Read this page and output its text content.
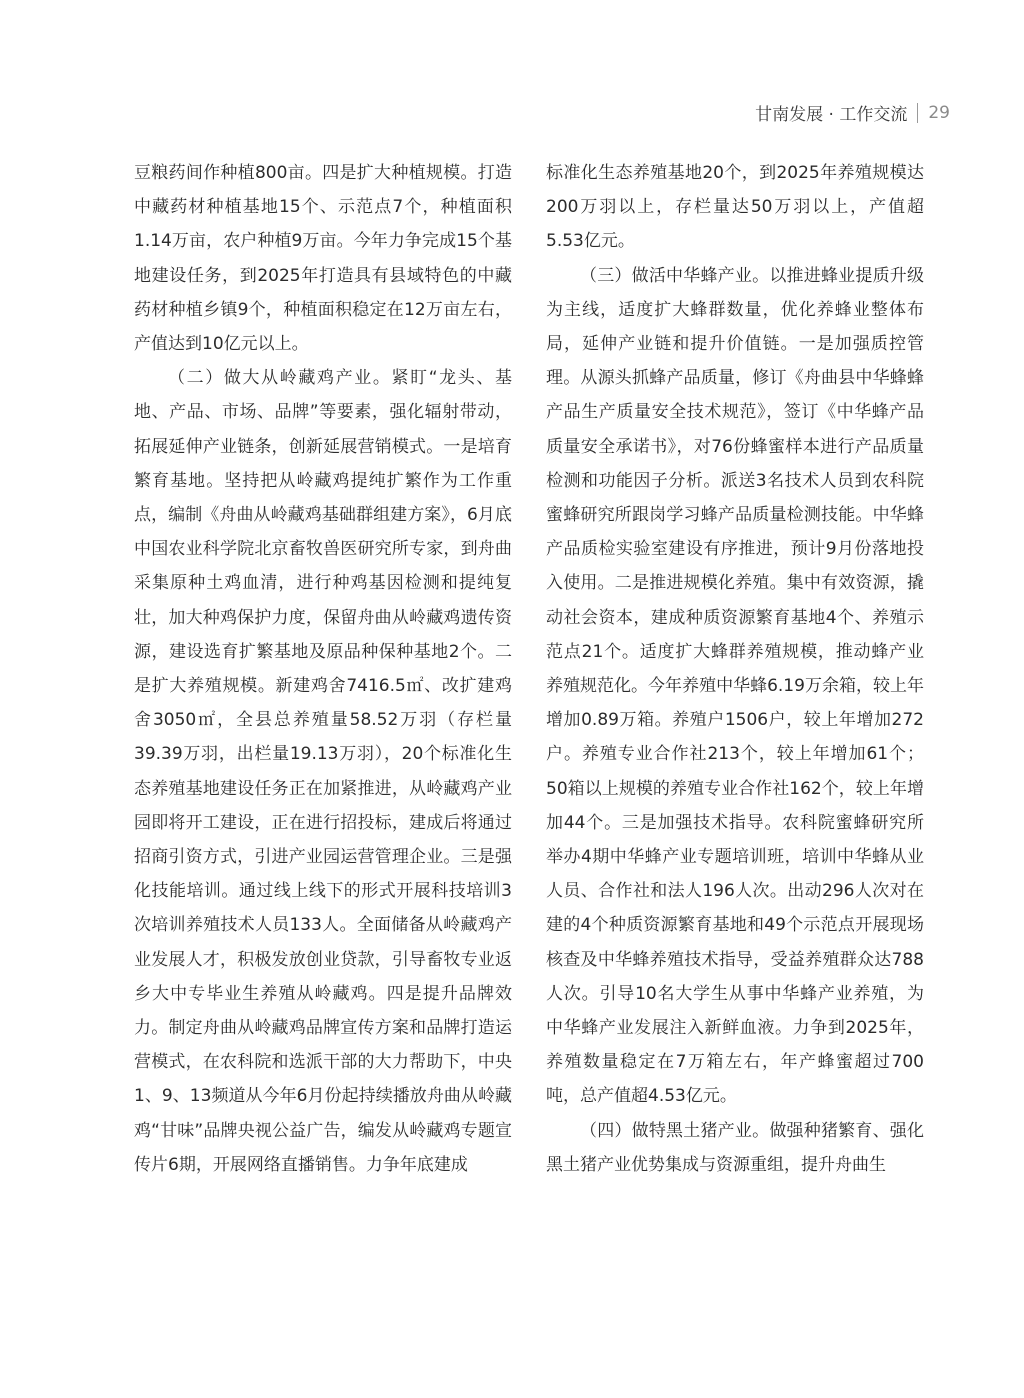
甘南发展 · 工作交流 29

豆粮药间作种植800亩。四是扩大种植规模。打造中藏药材种植基地15个、示范点7个，种植面积1.14万亩，农户种植9万亩。今年力争完成15个基地建设任务，到2025年打造具有县域特色的中藏药材种植乡镇9个，种植面积稳定在12万亩左右，产值达到10亿元以上。

（二）做大从岭藏鸡产业。紧盯“龙头、基地、产品、市场、品牌”等要素，强化辐射带动，拓展延伸产业链条，创新延展营销模式。一是培育繁育基地。坚持把从岭藏鸡提纯扩繁作为工作重点，编制《舟曲从岭藏鸡基础群组建方案》，6月底中国农业科学院北京畜牧兽医研究所专家，到舟曲采集原种土鸡血清，进行种鸡基因检测和提纯复壮，加大种鸡保护力度，保留舟曲从岭藏鸡遗传资源，建设选育扩繁基地及原品种保种基地2个。二是扩大养殖规模。新建鸡舍7416.5㎡、改扩建鸡舍3050㎡，全县总养殖量58.52万羽（存栏量39.39万羽，出栏量19.13万羽），20个标准化生态养殖基地建设任务正在加紧推进，从岭藏鸡产业园即将开工建设，正在进行招投标，建成后将通过招商引资方式，引进产业园运营管理企业。三是强化技能培训。通过线上线下的形式开展科技培训3次培训养殖技术人员133人。全面储备从岭藏鸡产业发展人才，积极发放创业贷款，引导畜牧专业返乡大中专毕业生养殖从岭藏鸡。四是提升品牌效力。制定舟曲从岭藏鸡品牌宣传方案和品牌打造运营模式，在农科院和选派干部的大力帮助下，中央1、9、13频道从今年6月份起持续播放舟曲从岭藏鸡“甘味”品牌央视公益广告，编发从岭藏鸡专题宣传片6期，开展网络直播销售。力争年底建成

标准化生态养殖基地20个，到2025年养殖规模达200万羽以上，存栏量达50万羽以上，产值超5.53亿元。

（三）做活中华蜂产业。以推进蜂业提质升级为主线，适度扩大蜂群数量，优化养蜂业整体布局，延伸产业链和提升价值链。一是加强质控管理。从源头抓蜂产品质量，修订《舟曲县中华蜂蜂产品生产质量安全技术规范》，签订《中华蜂产品质量安全承诺书》，对76份蜂蜜样本进行产品质量检测和功能因子分析。派送3名技术人员到农科院蜜蜂研究所跟岗学习蜂产品质量检测技能。中华蜂产品质检实验室建设有序推进，预计9月份落地投入使用。二是推进规模化养殖。集中有效资源，撬动社会资本，建成种质资源繁育基地4个、养殖示范点21个。适度扩大蜂群养殖规模，推动蜂产业养殖规范化。今年养殖中华蜂6.19万余箱，较上年增加0.89万箱。养殖户1506户，较上年增加272户。养殖专业合作社213个，较上年增加61个；50箱以上规模的养殖专业合作社162个，较上年增加44个。三是加强技术指导。农科院蜜蜂研究所举办4期中华蜂产业专题培训班，培训中华蜂从业人员、合作社和法人196人次。出动296人次对在建的4个种质资源繁育基地和49个示范点开展现场核查及中华蜂养殖技术指导，受益养殖群众达788人次。引导10名大学生从事中华蜂产业养殖，为中华蜂产业发展注入新鲜血液。力争到2025年，养殖数量稳定在7万箱左右，年产蜂蜜超过700吨，总产值超4.53亿元。

（四）做特黑土猪产业。做强种猪繁育、强化黑土猪产业优势集成与资源重组，提升舟曲生
